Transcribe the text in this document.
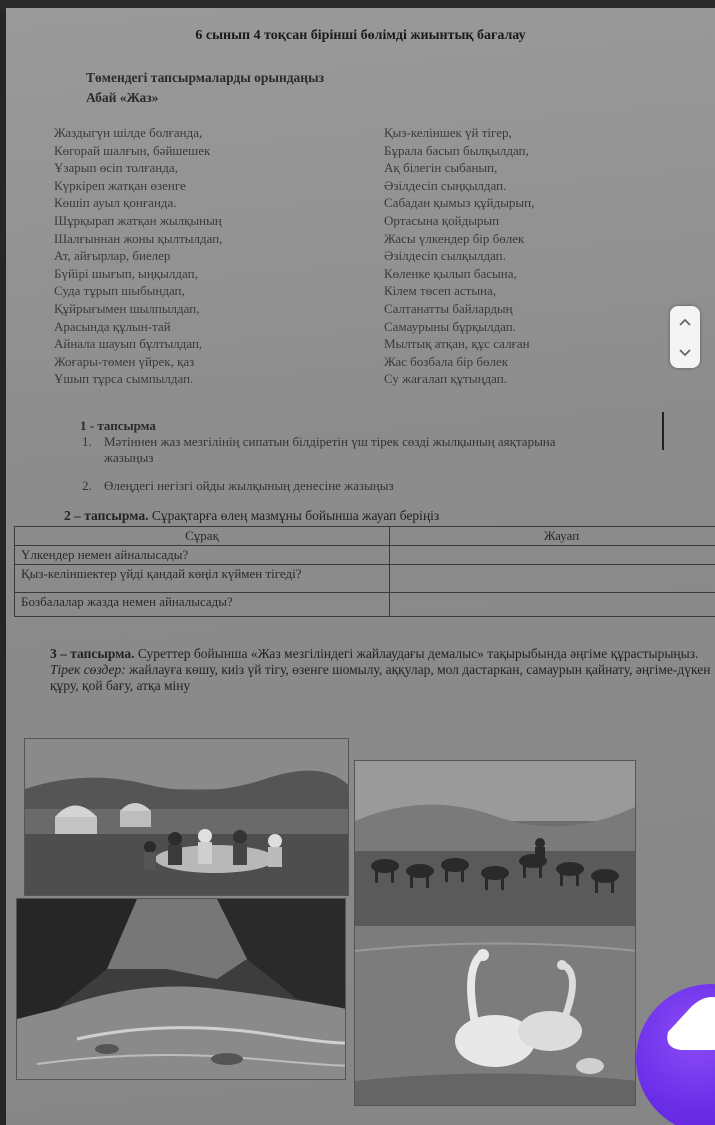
6 сынып 4 тоқсан бірінші бөлімді жиынтық бағалау
Төмендегі тапсырмаларды орындаңыз
Абай «Жаз»
Жаздыгүн шілде болғанда,
Көгорай шалғын, бәйшешек
Ұзарып өсіп толғанда,
Күркіреп жатқан өзенге
Көшіп ауыл қонғанда.
Шұрқырап жатқан жылқының
Шалғыннан жоны қылтылдап,
Ат, айғырлар, биелер
Бүйірі шығып, ыңқылдап,
Суда тұрып шыбындап,
Құйрығымен шылпылдап,
Арасында құлын-тай
Айнала шауып бұлтылдап,
Жоғары-төмен үйрек, қаз
Ұшып тұрса сымпылдап.
Қыз-келіншек үй тігер,
Бұрала басып былқылдап,
Ақ білегін сыбанып,
Әзілдесіп сыңқылдап.
Сабадан қымыз құйдырып,
Ортасына қойдырып
Жасы үлкендер бір бөлек
Әзілдесіп сылқылдап.
Көленке қылып басына,
Кілем төсеп астына,
Салтанатты байлардың
Самаурыны бұрқылдап.
Мылтық атқан, құс салған
Жас бозбала бір бөлек
Су жағалап құтыңдап.
1 - тапсырма
1. Мәтіннен жаз мезгілінің сипатын білдіретін үш тірек сөзді жылқының аяқтарына
жазыңыз
2. Өлеңдегі негізгі ойды жылқының денесіне жазыңыз
2 – тапсырма. Сұрақтарға өлең мазмұны бойынша жауап беріңіз
Сұрақ	Жауап
Үлкендер немен айналысады?	
Қыз-келіншектер үйді қандай көңіл күймен тігеді?	
Бозбалалар жазда немен айналысады?	
3 – тапсырма. Суреттер бойынша «Жаз мезгіліндегі жайлаудағы демалыс» тақырыбында әңгіме құрастырыңыз.
Тірек сөздер: жайлауға көшу, киіз үй тігу, өзенге шомылу, аққулар, мол дастаркан, самаурын қайнату, әңгіме-дүкен құру, қой бағу, атқа міну
